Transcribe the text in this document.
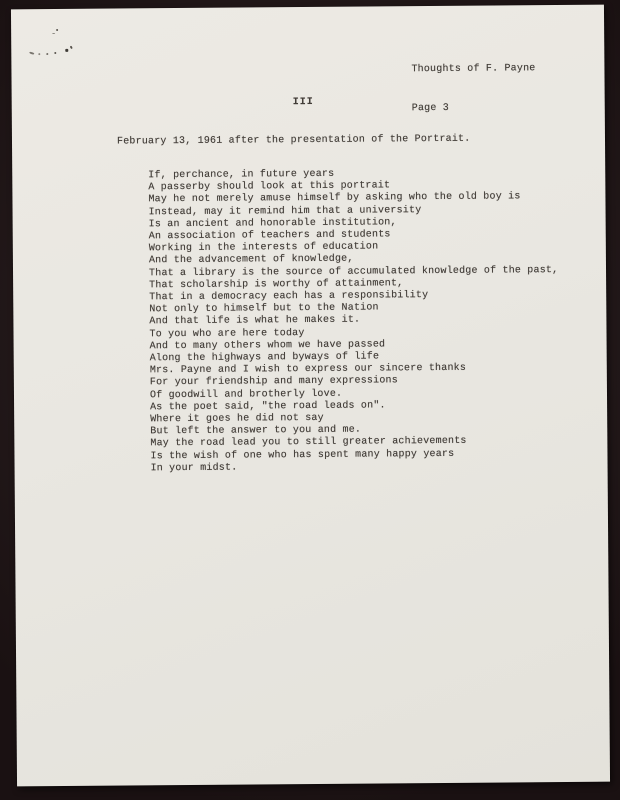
Thoughts of F. Payne

Page 3

III
February 13, 1961 after the presentation of the Portrait.
If, perchance, in future years
A passerby should look at this portrait
May he not merely amuse himself by asking who the old boy is
Instead, may it remind him that a university
Is an ancient and honorable institution,
An association of teachers and students
Working in the interests of education
And the advancement of knowledge,
That a library is the source of accumulated knowledge of the past,
That scholarship is worthy of attainment,
That in a democracy each has a responsibility
Not only to himself but to the Nation
And that life is what he makes it.
To you who are here today
And to many others whom we have passed
Along the highways and byways of life
Mrs. Payne and I wish to express our sincere thanks
For your friendship and many expressions
Of goodwill and brotherly love.
As the poet said, "the road leads on".
Where it goes he did not say
But left the answer to you and me.
May the road lead you to still greater achievements
Is the wish of one who has spent many happy years
In your midst.
